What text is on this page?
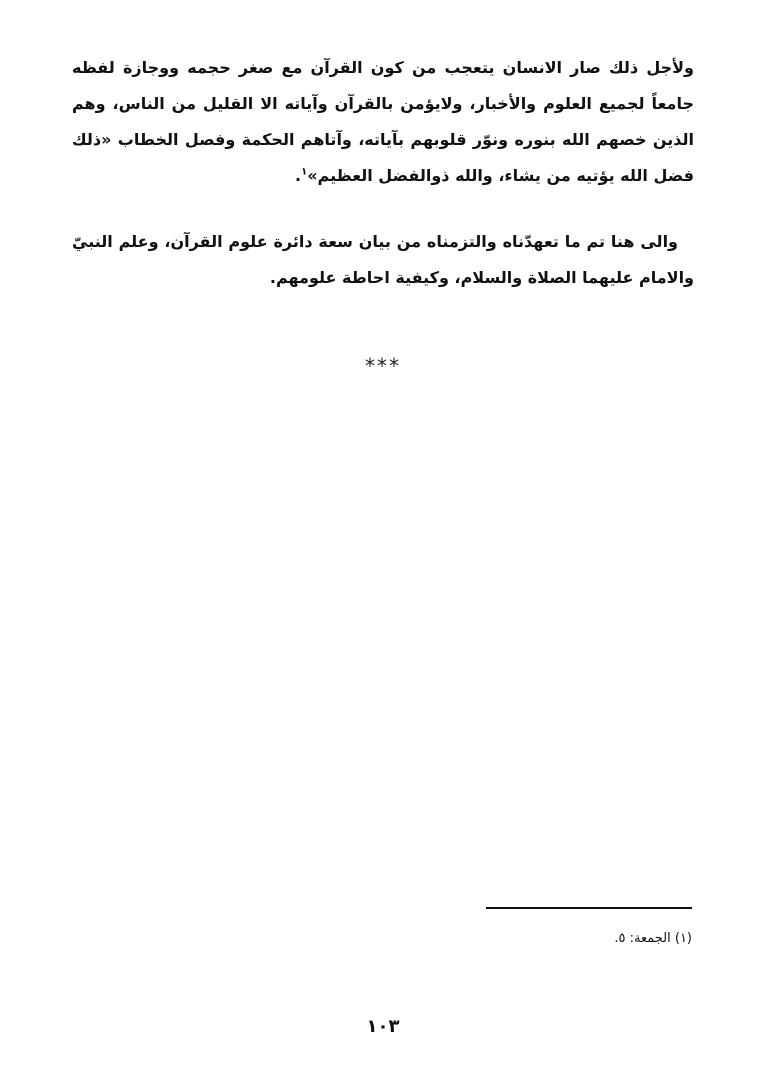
ولأجل ذلك صار الانسان يتعجب من كون القرآن مع صغر حجمه ووجازة لفظه جامعاً لجميع العلوم والأخبار، ولايؤمن بالقرآن وآياته الا القليل من الناس، وهم الذين خصهم الله بنوره ونوّر قلوبهم بآياته، وآتاهم الحكمة وفصل الخطاب «ذلك فضل الله يؤتيه من يشاء، والله ذوالفضل العظيم»$^١$.

والى هنا تم ما تعهدّناه والتزمناه من بيان سعة دائرة علوم القرآن، وعلم النبيّ والامام عليهما الصلاة والسلام، وكيفية احاطة علومهم.

***
(١) الجمعة: ٥.
١٠٣
